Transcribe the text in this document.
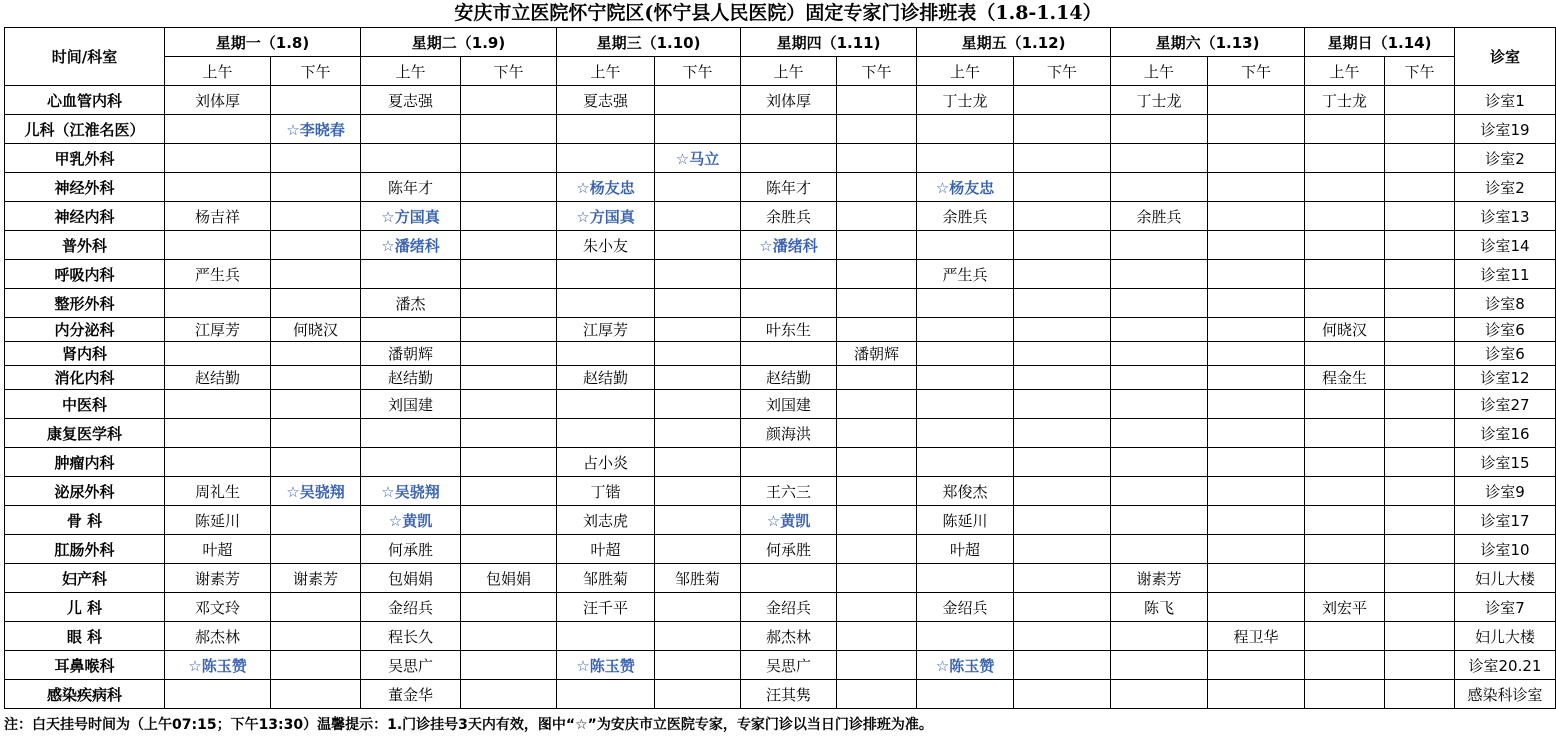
安庆市立医院怀宁院区(怀宁县人民医院）固定专家门诊排班表（1.8-1.14）
时间/科室	星期一（1.8)		星期二（1.9)		星期三（1.10)		星期四（1.11)		星期五（1.12)		星期六（1.13)		星期日（1.14)		诊室
	上午	下午	上午	下午	上午	下午	上午	下午	上午	下午	上午	下午	上午	下午	
心血管内科	刘体厚		夏志强		夏志强		刘体厚		丁士龙		丁士龙		丁士龙		诊室1
儿科（江淮名医）		☆李晓春													诊室19
甲乳外科						☆马立									诊室2
神经外科			陈年才		☆杨友忠		陈年才		☆杨友忠						诊室2
神经内科	杨吉祥		☆方国真		☆方国真		余胜兵		余胜兵		余胜兵				诊室13
普外科			☆潘绪科		朱小友		☆潘绪科								诊室14
呼吸内科	严生兵								严生兵						诊室11
整形外科			潘杰												诊室8
内分泌科	江厚芳	何晓汉			江厚芳		叶东生						何晓汉		诊室6
肾内科			潘朝辉					潘朝辉							诊室6
消化内科	赵结勤		赵结勤		赵结勤		赵结勤						程金生		诊室12
中医科			刘国建				刘国建								诊室27
康复医学科							颜海洪								诊室16
肿瘤内科					占小炎										诊室15
泌尿外科	周礼生	☆吴骁翔	☆吴骁翔		丁锴		王六三		郑俊杰						诊室9
骨 科	陈延川		☆黄凯		刘志虎		☆黄凯		陈延川						诊室17
肛肠外科	叶超		何承胜		叶超		何承胜		叶超						诊室10
妇产科	谢素芳	谢素芳	包娟娟	包娟娟	邹胜菊	邹胜菊					谢素芳				妇儿大楼
儿 科	邓文玲		金绍兵		汪千平		金绍兵		金绍兵		陈飞		刘宏平		诊室7
眼 科	郝杰林		程长久				郝杰林					程卫华			妇儿大楼
耳鼻喉科	☆陈玉赞		吴思广		☆陈玉赞		吴思广		☆陈玉赞						诊室20.21
感染疾病科			董金华				汪其隽								感染科诊室
注：白天挂号时间为（上午07:15；下午13:30）温馨提示：1.门诊挂号3天内有效，图中“☆”为安庆市立医院专家，专家门诊以当日门诊排班为准。
